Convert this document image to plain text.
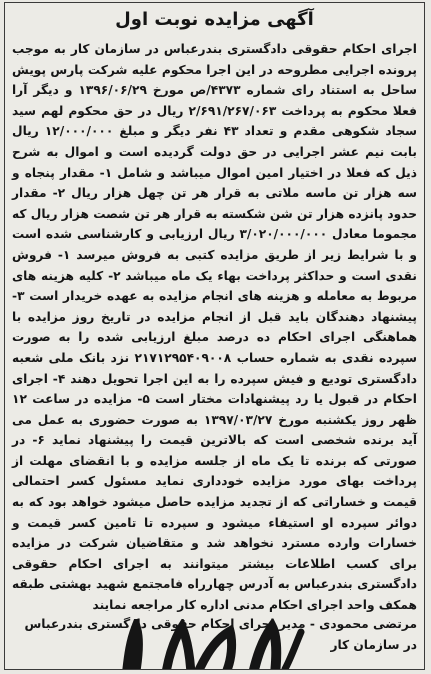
آگهی مزایده نوبت اول
اجرای احکام حقوقی دادگستری بندرعباس در سازمان کار به موجب پرونده اجرایی مطروحه در این اجرا محکوم علیه شرکت پارس پویش ساحل به استناد رای شماره ۴۳۷۳/ص مورخ ۱۳۹۶/۰۶/۲۹ و دیگر آرا فعلا محکوم به پرداخت ۲/۶۹۱/۲۶۷/۰۶۳ ریال در حق محکوم لهم سید سجاد شکوهی مقدم و تعداد ۴۳ نفر دیگر و مبلغ ۱۲/۰۰۰/۰۰۰ ریال بابت نیم عشر اجرایی در حق دولت گردیده است و اموال به شرح ذیل که فعلا در اختیار امین اموال میباشد و شامل ۱- مقدار پنجاه و سه هزار تن ماسه ملاتی به قرار هر تن چهل هزار ریال ۲- مقدار حدود پانزده هزار تن شن شکسته به قرار هر تن شصت هزار ریال که مجموما معادل ۳/۰۲۰/۰۰۰/۰۰۰ ریال ارزیابی و کارشناسی شده است و با شرایط زیر از طریق مزایده کتبی به فروش میرسد ۱- فروش نقدی است و حداکثر پرداخت بهاء یک ماه میباشد ۲- کلیه هزینه های مربوط به معامله و هزینه های انجام مزایده به عهده خریدار است ۳- پیشنهاد دهندگان باید قبل از انجام مزایده در تاریخ روز مزایده با هماهنگی اجرای احکام ده درصد مبلغ ارزیابی شده را به صورت سپرده نقدی به شماره حساب ۲۱۷۱۲۹۵۴۰۹۰۰۸ نزد بانک ملی شعبه دادگستری تودیع و فیش سپرده را به این اجرا تحویل دهند ۴- اجرای احکام در قبول یا رد پیشنهادات مختار است ۵- مزایده در ساعت ۱۲ ظهر روز یکشنبه مورخ ۱۳۹۷/۰۳/۲۷ به صورت حضوری به عمل می آید برنده شخصی است که بالاترین قیمت را پیشنهاد نماید ۶- در صورتی که برنده تا یک ماه از جلسه مزایده و با انقضای مهلت از پرداخت بهای مورد مزایده خودداری نماید مسئول کسر احتمالی قیمت و خساراتی که از تجدید مزایده حاصل میشود خواهد بود که به دوائر سپرده او استیفاء میشود و سپرده تا تامین کسر قیمت و خسارات وارده مسترد نخواهد شد و متقاضیان شرکت در مزایده برای کسب اطلاعات بیشتر میتوانند به اجرای احکام حقوقی دادگستری بندرعباس به آدرس چهارراه فامجتمع شهید بهشتی طبقه همکف واحد اجرای احکام مدنی اداره کار مراجعه نمایند
مرتضی محمودی - مدیر اجرای احکام حقوقی دادگستری بندرعباس در سازمان کار
